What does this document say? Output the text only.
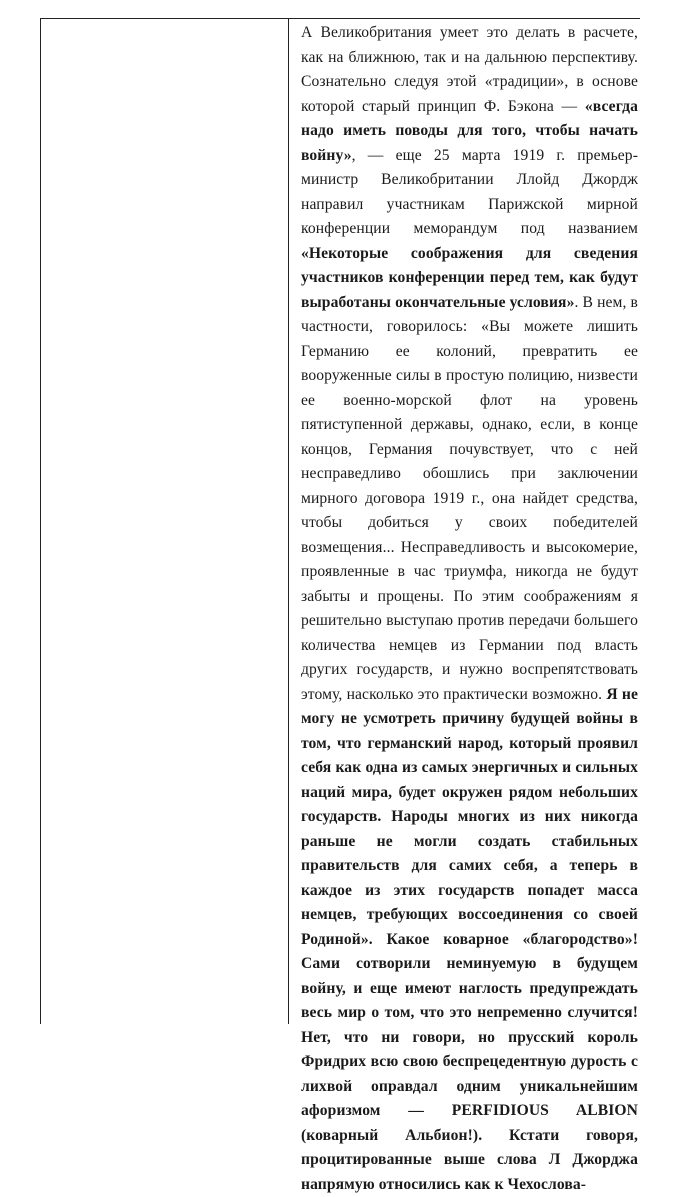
А Великобритания умеет это делать в расчете, как на ближнюю, так и на дальнюю перспективу. Сознательно следуя этой «традиции», в основе которой старый принцип Ф. Бэкона — «всегда надо иметь поводы для того, чтобы начать войну», — еще 25 марта 1919 г. премьер-министр Великобритании Ллойд Джордж направил участникам Парижской мирной конференции меморандум под названием «Некоторые соображения для сведения участников конференции перед тем, как будут выработаны окончательные условия». В нем, в частности, говорилось: «Вы можете лишить Германию ее колоний, превратить ее вооруженные силы в простую полицию, низвести ее военно-морской флот на уровень пятиступенной державы, однако, если, в конце концов, Германия почувствует, что с ней несправедливо обошлись при заключении мирного договора 1919 г., она найдет средства, чтобы добиться у своих победителей возмещения... Несправедливость и высокомерие, проявленные в час триумфа, никогда не будут забыты и прощены. По этим соображениям я решительно выступаю против передачи большего количества немцев из Германии под власть других государств, и нужно воспрепятствовать этому, насколько это практически возможно. Я не могу не усмотреть причину будущей войны в том, что германский народ, который проявил себя как одна из самых энергичных и сильных наций мира, будет окружен рядом небольших государств. Народы многих из них никогда раньше не могли создать стабильных правительств для самих себя, а теперь в каждое из этих государств попадет масса немцев, требующих воссоединения со своей Родиной». Какое коварное «благородство»! Сами сотворили неминуемую в будущем войну, и еще имеют наглость предупреждать весь мир о том, что это непременно случится! Нет, что ни говори, но прусский король Фридрих всю свою беспрецедентную дурость с лихвой оправдал одним уникальнейшим афоризмом — PERFIDIOUS ALBION (коварный Альбион!). Кстати говоря, процитированные выше слова Л Джорджа напрямую относились как к Чехослова-
